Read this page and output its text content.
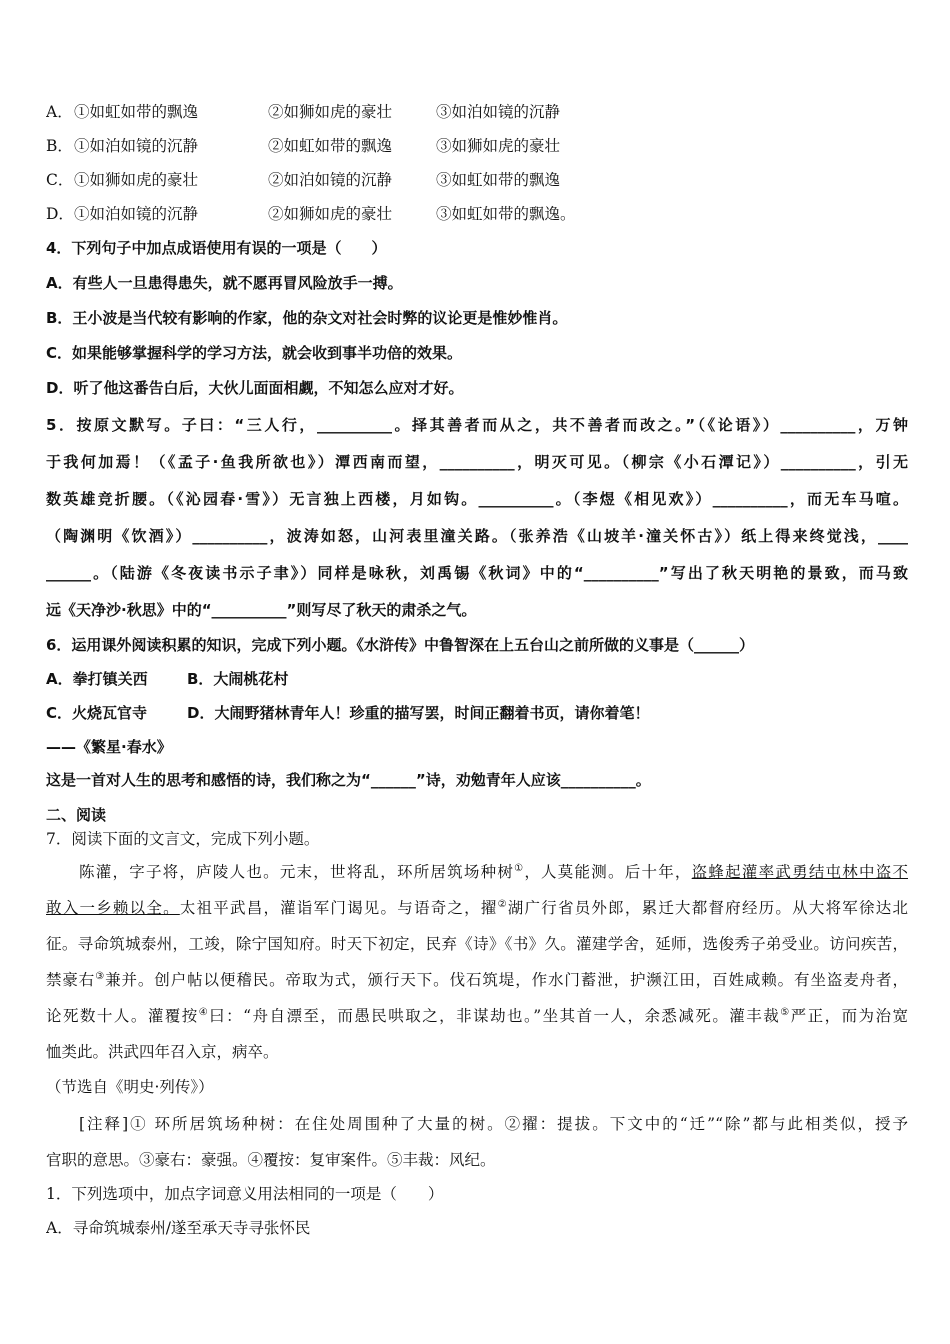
A．①如虹如带的飘逸	②如狮如虎的豪壮	③如泊如镜的沉静
B．①如泊如镜的沉静	②如虹如带的飘逸	③如狮如虎的豪壮
C．①如狮如虎的豪壮	②如泊如镜的沉静	③如虹如带的飘逸
D．①如泊如镜的沉静	②如狮如虎的豪壮	③如虹如带的飘逸。
4．下列句子中加点成语使用有误的一项是（　　）
A．有些人一旦患得患失，就不愿再冒风险放手一搏。
B．王小波是当代较有影响的作家，他的杂文对社会时弊的议论更是惟妙惟肖。
C．如果能够掌握科学的学习方法，就会收到事半功倍的效果。
D．听了他这番告白后，大伙儿面面相觑，不知怎么应对才好。
5．按原文默写。子曰：“三人行，__________。择其善者而从之，共不善者而改之。”（《论语》）__________，万钟
于我何加焉！（《孟子·鱼我所欲也》）潭西南而望，__________，明灭可见。（柳宗《小石潭记》）__________，引无
数英雄竞折腰。（《沁园春·雪》）无言独上西楼，月如钩。__________。（李煜《相见欢》）__________，而无车马喧。
（陶渊明《饮酒》）__________，波涛如怒，山河表里潼关路。（张养浩《山坡羊·潼关怀古》）纸上得来终觉浅，____
______。（陆游《冬夜读书示子聿》）同样是咏秋，刘禹锡《秋词》中的“__________”写出了秋天明艳的景致，而马致
远《天净沙·秋思》中的“__________”则写尽了秋天的肃杀之气。
6．运用课外阅读积累的知识，完成下列小题。《水浒传》中鲁智深在上五台山之前所做的义事是（______）
A．拳打镇关西	B．大闹桃花村
C．火烧瓦官寺	D．大闹野猪林青年人！珍重的描写罢，时间正翻着书页，请你着笔！
——《繁星·春水》
这是一首对人生的思考和感悟的诗，我们称之为“______”诗，劝勉青年人应该__________。
二、阅读
7．阅读下面的文言文，完成下列小题。
陈灌，字子将，庐陵人也。元末，世将乱，环所居筑场种树①，人莫能测。后十年，盗蜂起灌率武勇结屯林中盗不
敢入一乡赖以全。太祖平武昌，灌诣军门谒见。与语奇之，擢②湖广行省员外郎，累迁大都督府经历。从大将军徐达北
征。寻命筑城泰州，工竣，除宁国知府。时天下初定，民弃《诗》《书》久。灌建学舍，延师，选俊秀子弟受业。访问疾苦，
禁豪右③兼并。创户帖以便稽民。帝取为式，颁行天下。伐石筑堤，作水门蓄泄，护濒江田，百姓咸赖。有坐盗麦舟者，
论死数十人。灌覆按④曰：“舟自漂至，而愚民哄取之，非谋劫也。”坐其首一人，余悉减死。灌丰裁⑤严正，而为治宽
恤类此。洪武四年召入京，病卒。
（节选自《明史·列传》）
[注释]① 环所居筑场种树：在住处周围种了大量的树。②擢：提拔。下文中的“迁”“除”都与此相类似，授予
官职的意思。③豪右：豪强。④覆按：复审案件。⑤丰裁：风纪。
1．下列选项中，加点字词意义用法相同的一项是（　　）
A．寻命筑城泰州/遂至承天寺寻张怀民
